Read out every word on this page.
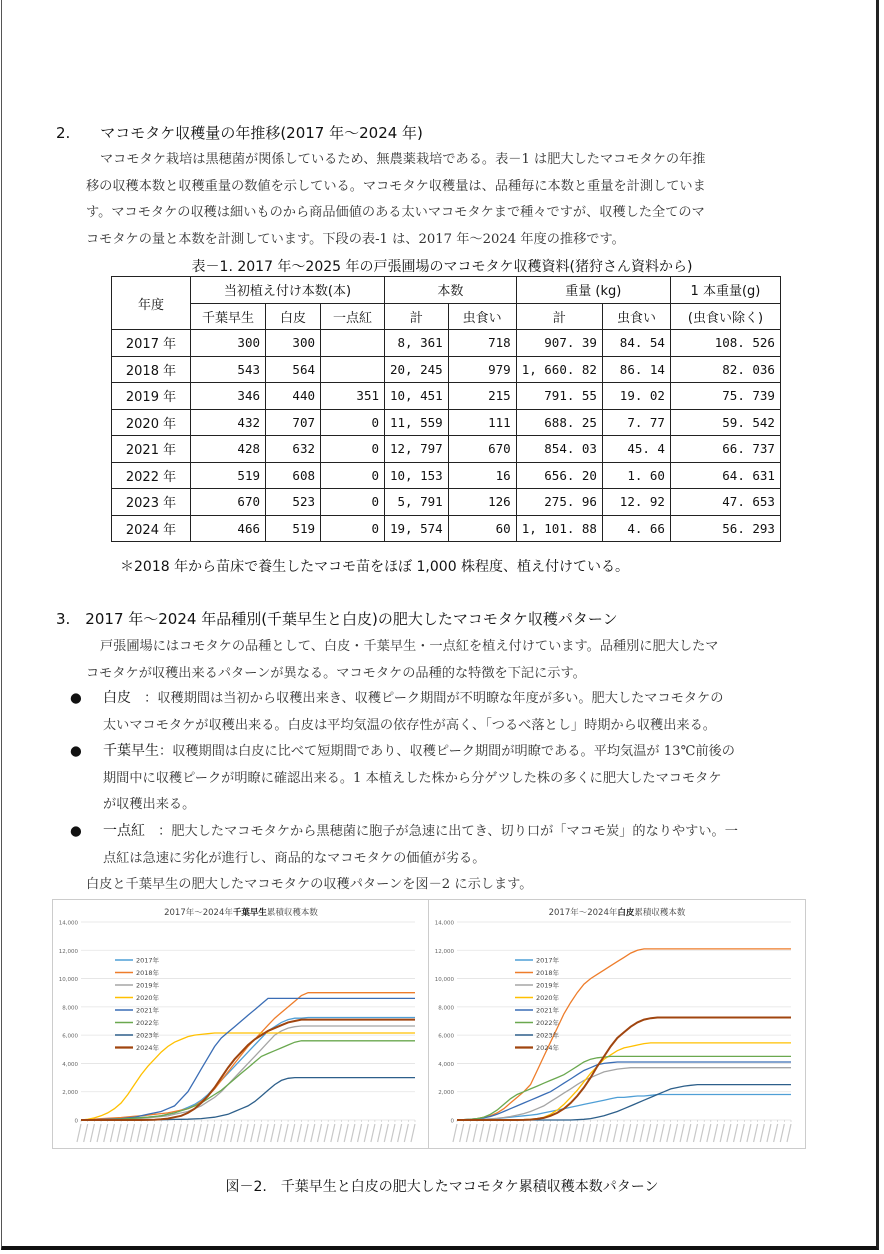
2.　　マコモタケ収穫量の年推移(2017 年～2024 年)
マコモタケ栽培は黒穂菌が関係しているため、無農薬栽培である。表－1 は肥大したマコモタケの年推
移の収穫本数と収穫重量の数値を示している。マコモタケ収穫量は、品種毎に本数と重量を計測していま
す。マコモタケの収穫は細いものから商品価値のある太いマコモタケまで種々ですが、収穫した全てのマ
コモタケの量と本数を計測しています。下段の表-1 は、2017 年～2024 年度の推移です。
表－1. 2017 年～2025 年の戸張圃場のマコモタケ収穫資料(猪狩さん資料から)
年度	当初植え付け本数(本)			本数		重量 (kg)		1 本重量(g)
	千葉早生	白皮	一点紅	計	虫食い	計	虫食い	(虫食い除く)
2017 年	300	300		8, 361	718	907. 39	84. 54	108. 526
2018 年	543	564		20, 245	979	1, 660. 82	86. 14	82. 036
2019 年	346	440	351	10, 451	215	791. 55	19. 02	75. 739
2020 年	432	707	0	11, 559	111	688. 25	7. 77	59. 542
2021 年	428	632	0	12, 797	670	854. 03	45. 4	66. 737
2022 年	519	608	0	10, 153	16	656. 20	1. 60	64. 631
2023 年	670	523	0	5, 791	126	275. 96	12. 92	47. 653
2024 年	466	519	0	19, 574	60	1, 101. 88	4. 66	56. 293
＊2018 年から苗床で養生したマコモ苗をほぼ 1,000 株程度、植え付けている。
3.　2017 年～2024 年品種別(千葉早生と白皮)の肥大したマコモタケ収穫パターン
戸張圃場にはコモタケの品種として、白皮・千葉早生・一点紅を植え付けています。品種別に肥大したマ
コモタケが収穫出来るパターンが異なる。マコモタケの品種的な特徴を下記に示す。
● 白皮　：収穫期間は当初から収穫出来き、収穫ピーク期間が不明瞭な年度が多い。肥大したマコモタケの
太いマコモタケが収穫出来る。白皮は平均気温の依存性が高く、「つるべ落とし」時期から収穫出来る。
● 千葉早生：収穫期間は白皮に比べて短期間であり、収穫ピーク期間が明瞭である。平均気温が 13℃前後の
期間中に収穫ピークが明瞭に確認出来る。1 本植えした株から分ゲツした株の多くに肥大したマコモタケ
が収穫出来る。
● 一点紅　：肥大したマコモタケから黒穂菌に胞子が急速に出てき、切り口が「マコモ炭」的なりやすい。一
点紅は急速に劣化が進行し、商品的なマコモタケの価値が劣る。
白皮と千葉早生の肥大したマコモタケの収穫パターンを図－2 に示します。
2017年～2024年千葉早生累積収穫本数
0
2,000
4,000
6,000
8,000
10,000
12,000
14,000
2017年
2018年
2019年
2020年
2021年
2022年
2023年
2024年
2017年～2024年白皮累積収穫本数
0
2,000
4,000
6,000
8,000
10,000
12,000
14,000
2017年
2018年
2019年
2020年
2021年
2022年
2023年
2024年
図－2.　千葉早生と白皮の肥大したマコモタケ累積収穫本数パターン
